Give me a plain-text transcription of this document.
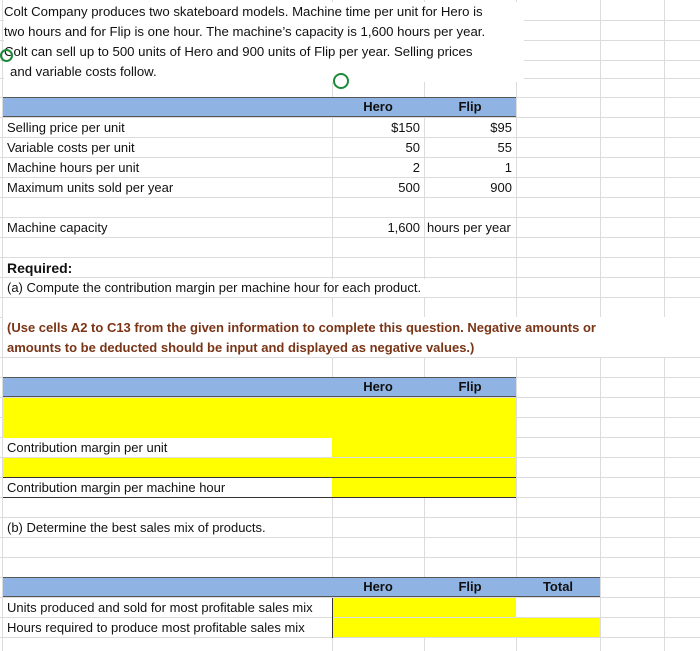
Colt Company produces two skateboard models. Machine time per unit for Hero is
two hours and for Flip is one hour. The machine’s capacity is 1,600 hours per year.
Colt can sell up to 500 units of Hero and 900 units of Flip per year. Selling prices
and variable costs follow.
Hero	Flip
Selling price per unit	$150	$95
Variable costs per unit	50	55
Machine hours per unit	2	1
Maximum units sold per year	500	900
Machine capacity	1,600 hours per year
Required:
(a) Compute the contribution margin per machine hour for each product.
(Use cells A2 to C13 from the given information to complete this question. Negative amounts or
amounts to be deducted should be input and displayed as negative values.)
Hero	Flip
Contribution margin per unit
Contribution margin per machine hour
(b) Determine the best sales mix of products.
Hero	Flip	Total
Units produced and sold for most profitable sales mix
Hours required to produce most profitable sales mix
